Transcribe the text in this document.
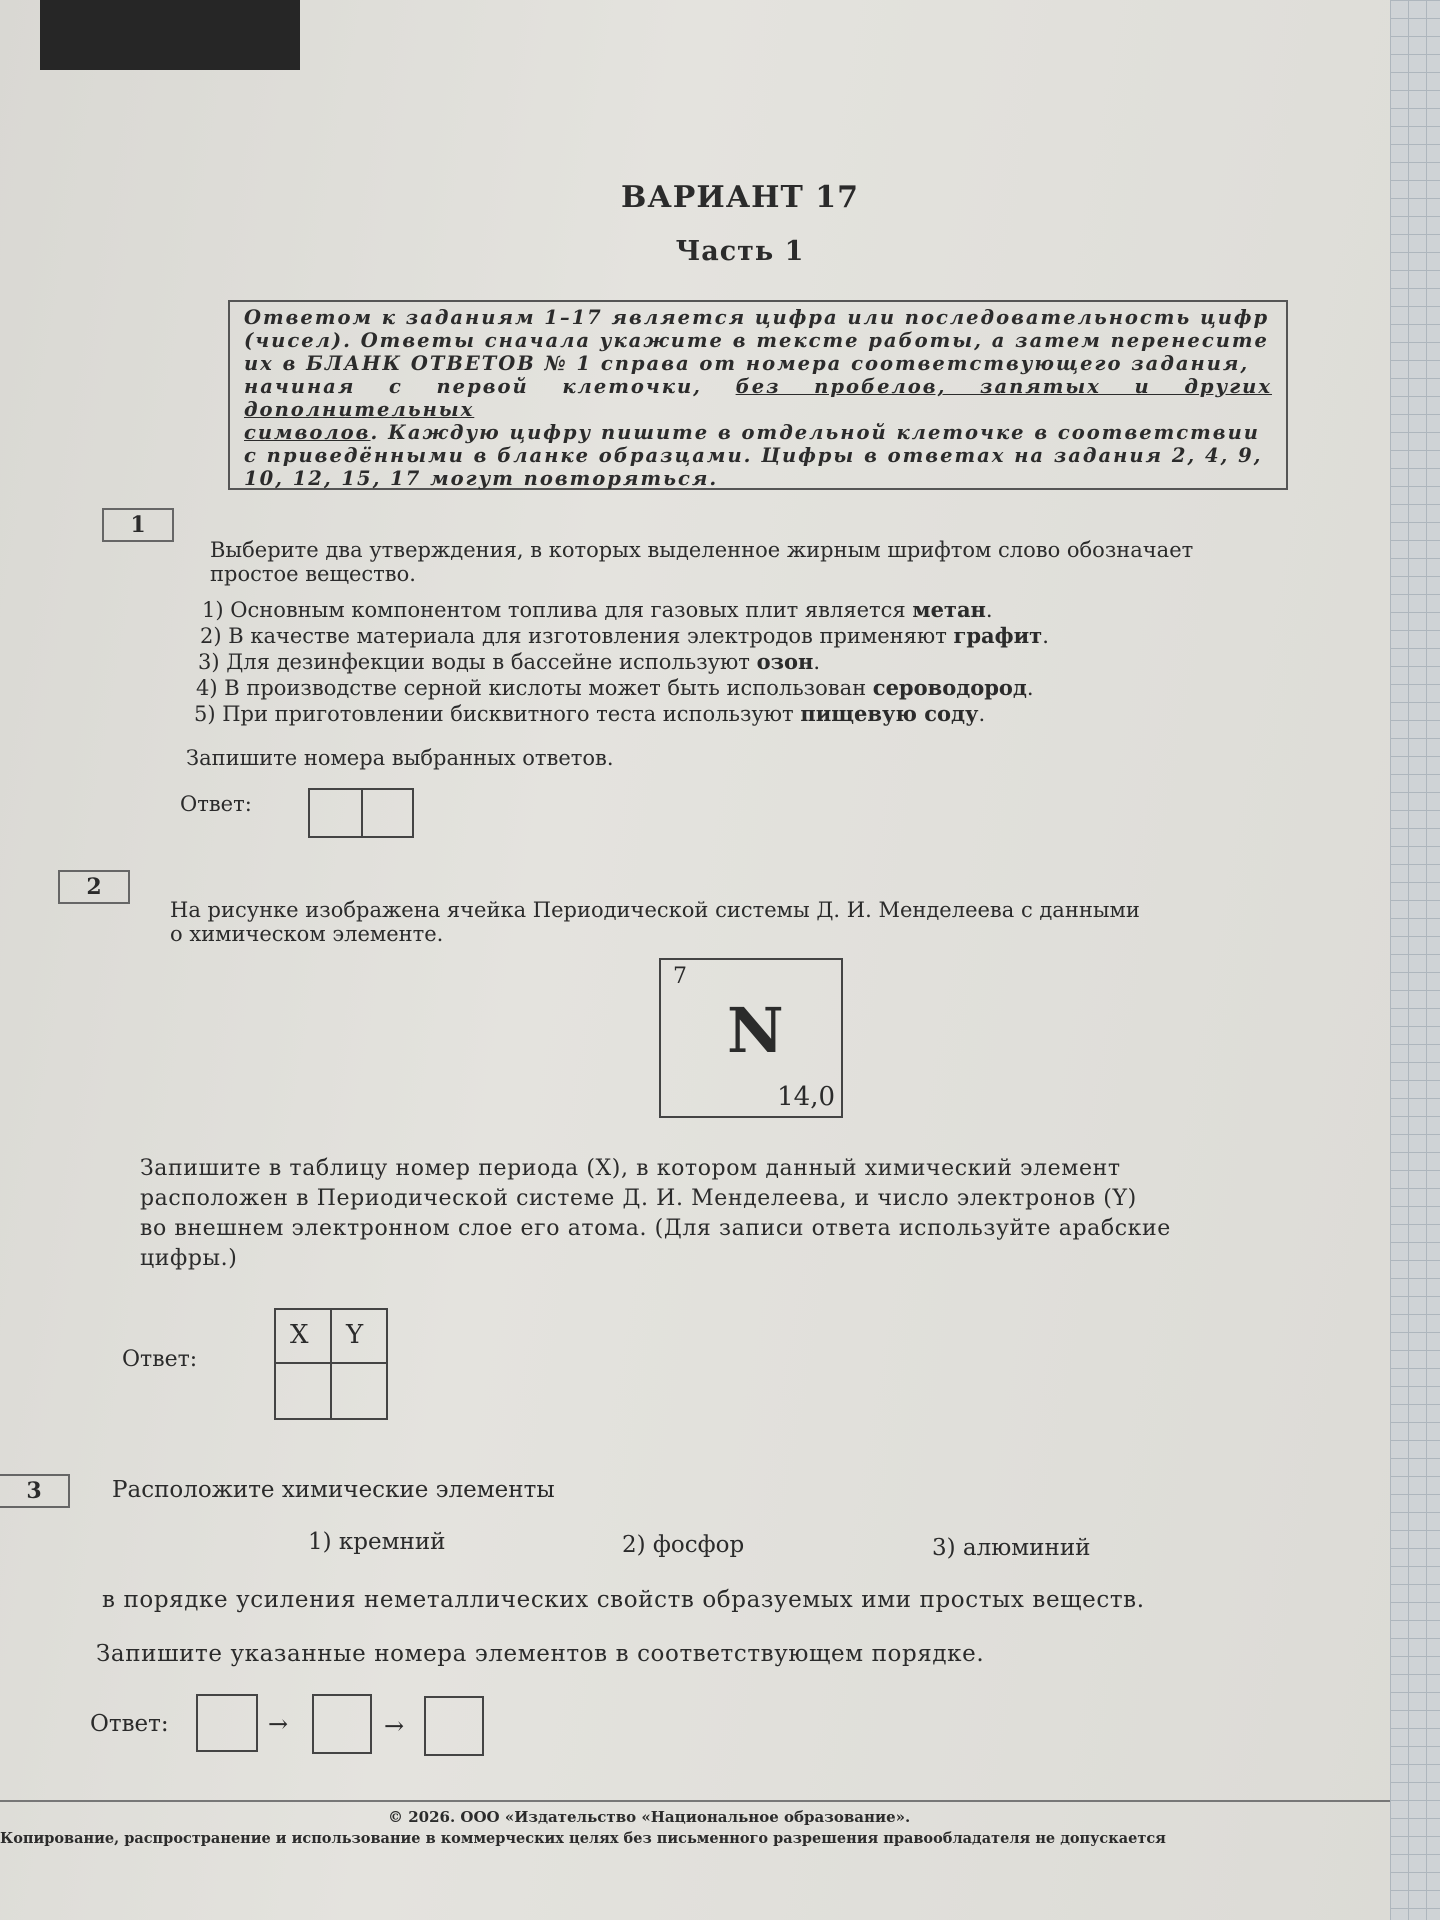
ВАРИАНТ 17
Часть 1
Ответом к заданиям 1–17 является цифра или последовательность цифр
(чисел). Ответы сначала укажите в тексте работы, а затем перенесите
их в БЛАНК ОТВЕТОВ № 1 справа от номера соответствующего задания,
начиная с первой клеточки, без пробелов, запятых и других дополнительных
символов. Каждую цифру пишите в отдельной клеточке в соответствии
с приведёнными в бланке образцами. Цифры в ответах на задания 2, 4, 9,
10, 12, 15, 17 могут повторяться.
1
Выберите два утверждения, в которых выделенное жирным шрифтом слово обозначает
простое вещество.
1) Основным компонентом топлива для газовых плит является метан.
2) В качестве материала для изготовления электродов применяют графит.
3) Для дезинфекции воды в бассейне используют озон.
4) В производстве серной кислоты может быть использован сероводород.
5) При приготовлении бисквитного теста используют пищевую соду.
Запишите номера выбранных ответов.
Ответ:
2
На рисунке изображена ячейка Периодической системы Д. И. Менделеева с данными
о химическом элементе.
7
N
14,0
Запишите в таблицу номер периода (X), в котором данный химический элемент
расположен в Периодической системе Д. И. Менделеева, и число электронов (Y)
во внешнем электронном слое его атома. (Для записи ответа используйте арабские
цифры.)
Ответ:
X Y
3	Расположите химические элементы
1) кремний	2) фосфор	3) алюминий
в порядке усиления неметаллических свойств образуемых ими простых веществ.
Запишите указанные номера элементов в соответствующем порядке.
Ответ:	→	→
© 2026. ООО «Издательство «Национальное образование».
Копирование, распространение и использование в коммерческих целях без письменного разрешения правообладателя не допускается
